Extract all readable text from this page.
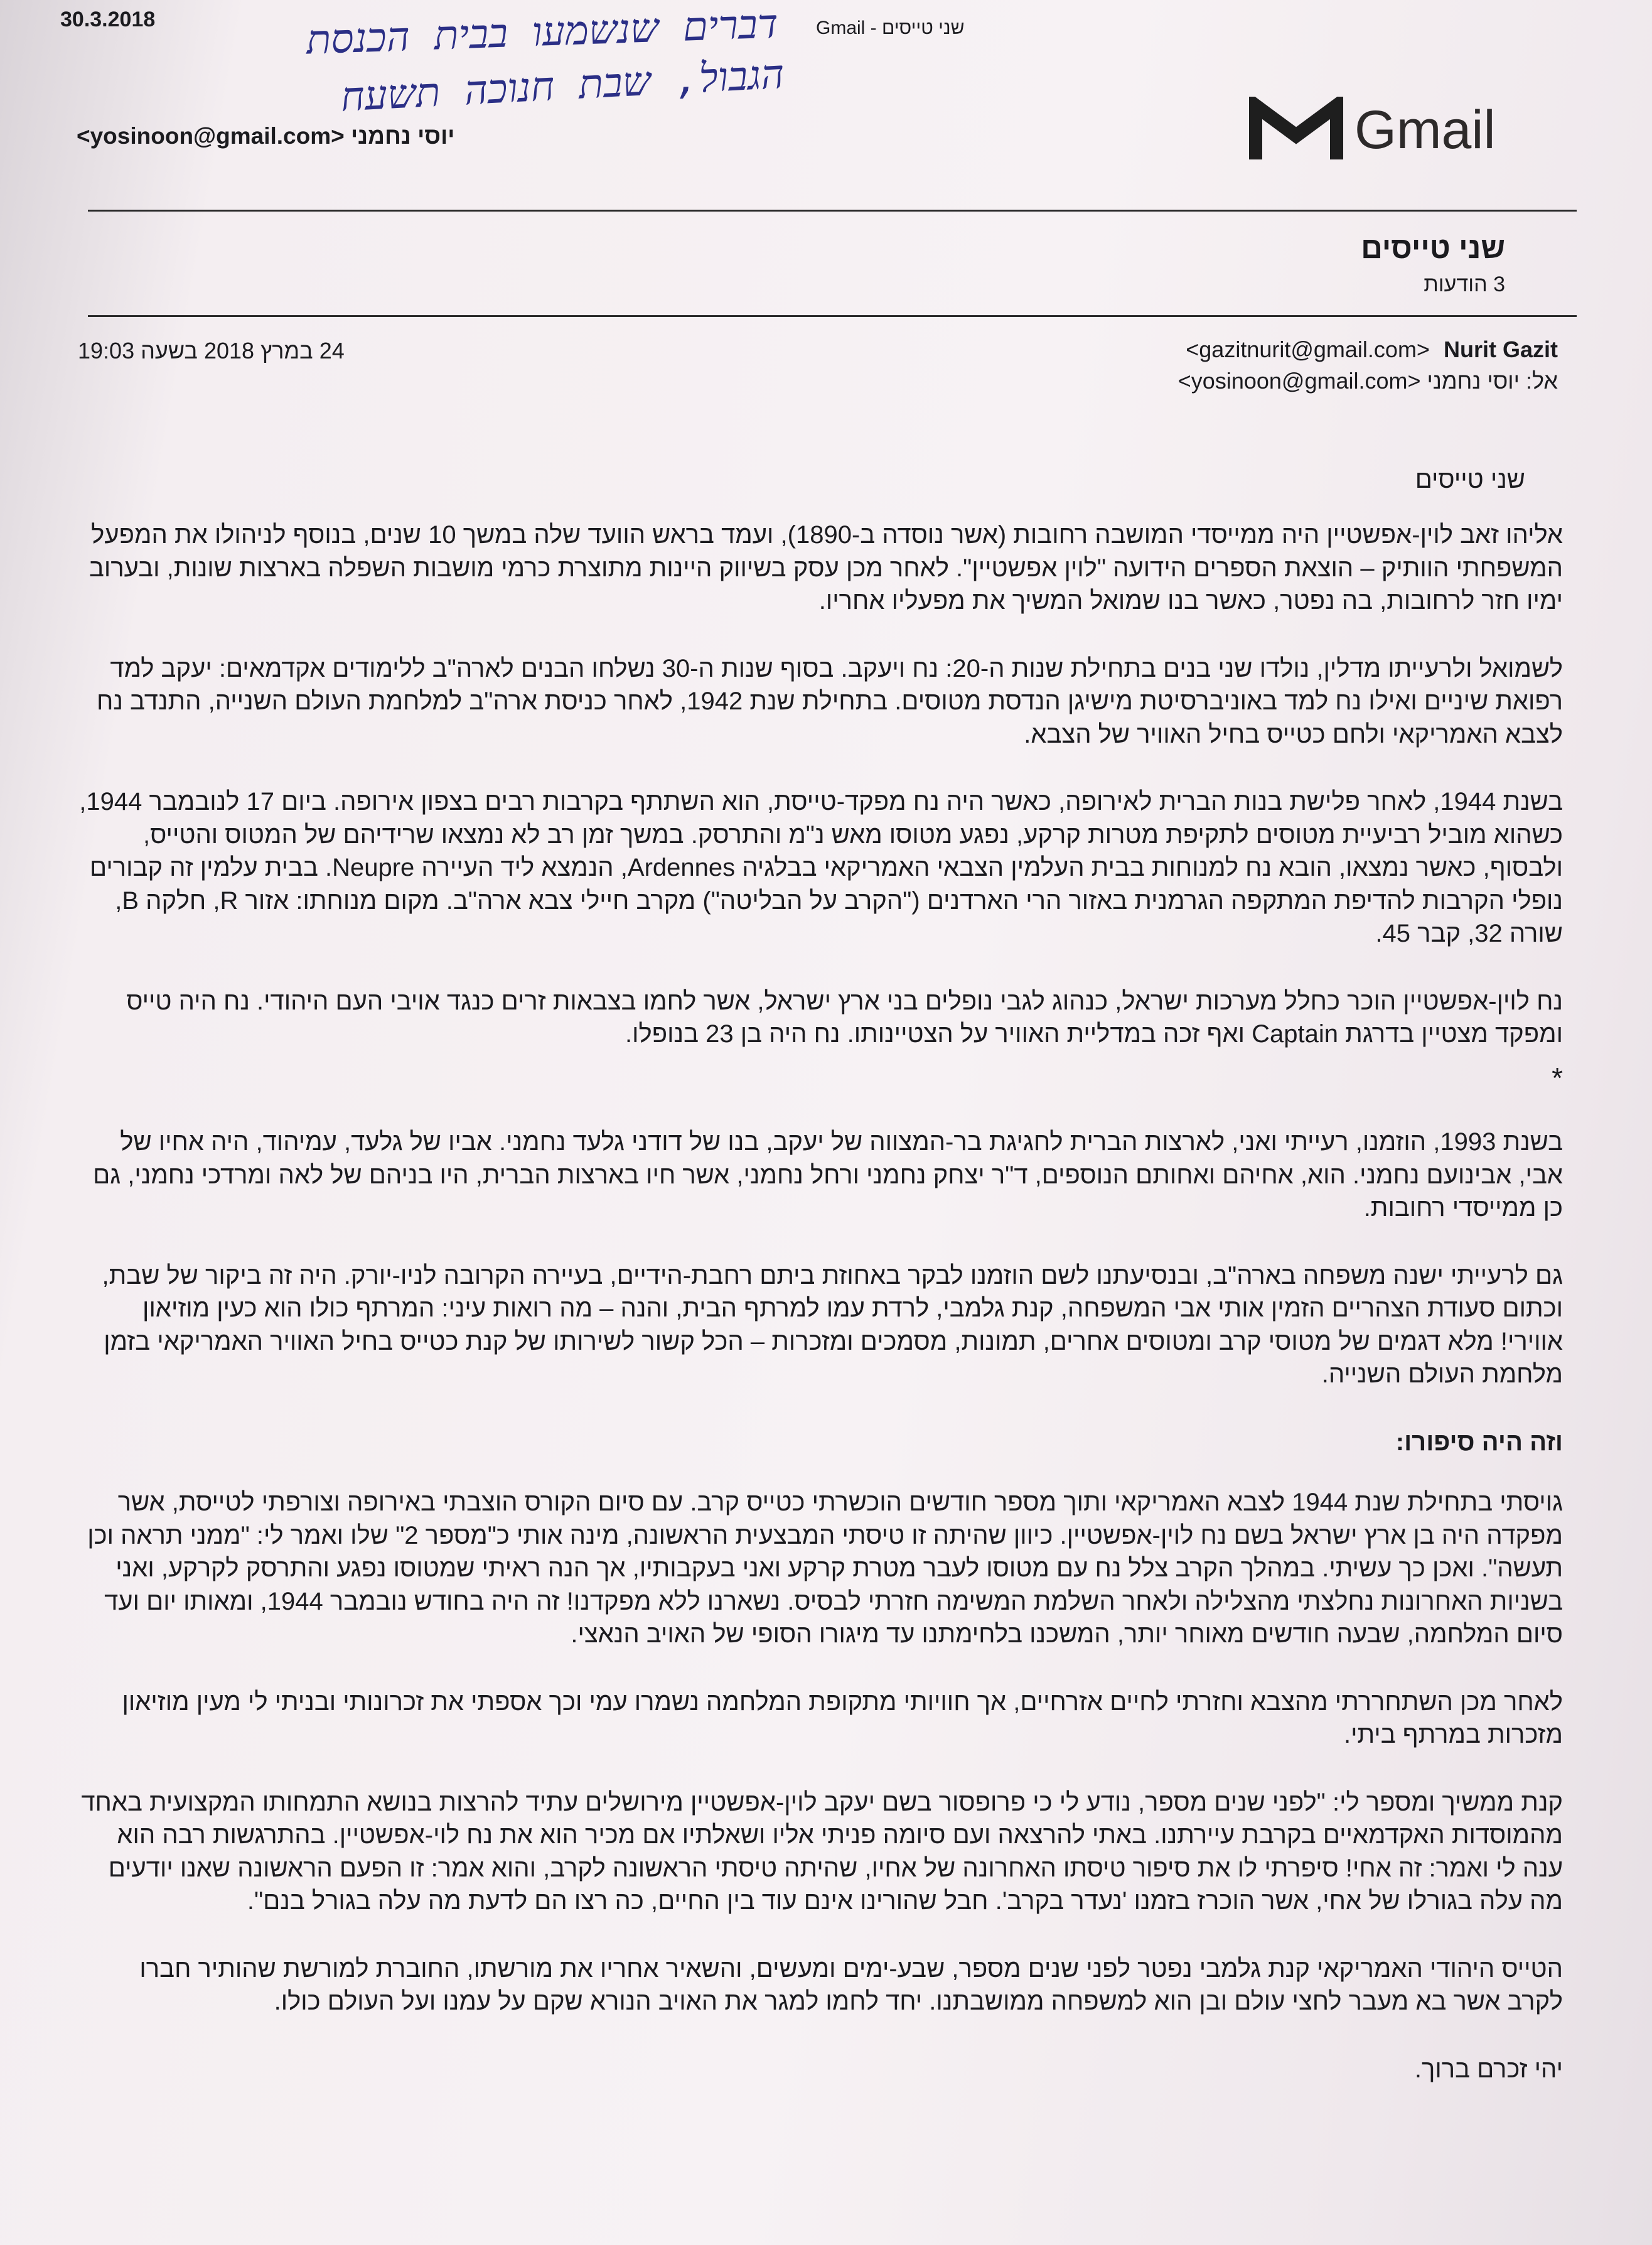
30.3.2018	Gmail - שני טייסים
דברים שנשמעו בבית הכנסת
הגבול, שבת חנוכה תשעח
<yosinoon@gmail.com> יוסי נחמני	Gmail
שני טייסים
3 הודעות
<gazitnurit@gmail.com> Nurit Gazit
אל: יוסי נחמני <yosinoon@gmail.com>
24 במרץ 2018 בשעה 19:03
שני טייסים

אליהו זאב לוין-אפשטיין היה ממייסדי המושבה רחובות (אשר נוסדה ב-1890), ועמד בראש הוועד שלה במשך 10 שנים, בנוסף לניהולו את המפעל המשפחתי הוותיק – הוצאת הספרים הידועה "לוין אפשטיין". לאחר מכן עסק בשיווק היינות מתוצרת כרמי מושבות השפלה בארצות שונות, ובערוב ימיו חזר לרחובות, בה נפטר, כאשר בנו שמואל המשיך את מפעליו אחריו.

לשמואל ולרעייתו מדלין, נולדו שני בנים בתחילת שנות ה-20: נח ויעקב. בסוף שנות ה-30 נשלחו הבנים לארה"ב ללימודים אקדמאים: יעקב למד רפואת שיניים ואילו נח למד באוניברסיטת מישיגן הנדסת מטוסים. בתחילת שנת 1942, לאחר כניסת ארה"ב למלחמת העולם השנייה, התנדב נח לצבא האמריקאי ולחם כטייס בחיל האוויר של הצבא.

בשנת 1944, לאחר פלישת בנות הברית לאירופה, כאשר היה נח מפקד-טייסת, הוא השתתף בקרבות רבים בצפון אירופה. ביום 17 לנובמבר 1944, כשהוא מוביל רביעיית מטוסים לתקיפת מטרות קרקע, נפגע מטוסו מאש נ"מ והתרסק. במשך זמן רב לא נמצאו שרידיהם של המטוס והטייס, ולבסוף, כאשר נמצאו, הובא נח למנוחות בבית העלמין הצבאי האמריקאי בבלגיה Ardennes, הנמצא ליד העיירה Neupre. בבית עלמין זה קבורים נופלי הקרבות להדיפת המתקפה הגרמנית באזור הרי הארדנים ("הקרב על הבליטה") מקרב חיילי צבא ארה"ב. מקום מנוחתו: אזור R, חלקה B, שורה 32, קבר 45.

נח לוין-אפשטיין הוכר כחלל מערכות ישראל, כנהוג לגבי נופלים בני ארץ ישראל, אשר לחמו בצבאות זרים כנגד אויבי העם היהודי. נח היה טייס ומפקד מצטיין בדרגת Captain ואף זכה במדליית האוויר על הצטיינותו. נח היה בן 23 בנופלו.

*

בשנת 1993, הוזמנו, רעייתי ואני, לארצות הברית לחגיגת בר-המצווה של יעקב, בנו של דודני גלעד נחמני. אביו של גלעד, עמיהוד, היה אחיו של אבי, אבינועם נחמני. הוא, אחיהם ואחותם הנוספים, ד"ר יצחק נחמני ורחל נחמני, אשר חיו בארצות הברית, היו בניהם של לאה ומרדכי נחמני, גם כן ממייסדי רחובות.

גם לרעייתי ישנה משפחה בארה"ב, ובנסיעתנו לשם הוזמנו לבקר באחוזת ביתם רחבת-הידיים, בעיירה הקרובה לניו-יורק. היה זה ביקור של שבת, וכתום סעודת הצהריים הזמין אותי אבי המשפחה, קנת גלמבי, לרדת עמו למרתף הבית, והנה – מה רואות עיני: המרתף כולו הוא כעין מוזיאון אווירי! מלא דגמים של מטוסי קרב ומטוסים אחרים, תמונות, מסמכים ומזכרות – הכל קשור לשירותו של קנת כטייס בחיל האוויר האמריקאי בזמן מלחמת העולם השנייה.

וזה היה סיפורו:

גויסתי בתחילת שנת 1944 לצבא האמריקאי ותוך מספר חודשים הוכשרתי כטייס קרב. עם סיום הקורס הוצבתי באירופה וצורפתי לטייסת, אשר מפקדה היה בן ארץ ישראל בשם נח לוין-אפשטיין. כיוון שהיתה זו טיסתי המבצעית הראשונה, מינה אותי כ"מספר 2" שלו ואמר לי: "ממני תראה וכן תעשה". ואכן כך עשיתי. במהלך הקרב צלל נח עם מטוסו לעבר מטרת קרקע ואני בעקבותיו, אך הנה ראיתי שמטוסו נפגע והתרסק לקרקע, ואני בשניות האחרונות נחלצתי מהצלילה ולאחר השלמת המשימה חזרתי לבסיס. נשארנו ללא מפקדנו! זה היה בחודש נובמבר 1944, ומאותו יום ועד סיום המלחמה, שבעה חודשים מאוחר יותר, המשכנו בלחימתנו עד מיגורו הסופי של האויב הנאצי.

לאחר מכן השתחררתי מהצבא וחזרתי לחיים אזרחיים, אך חוויותי מתקופת המלחמה נשמרו עמי וכך אספתי את זכרונותי ובניתי לי מעין מוזיאון מזכרות במרתף ביתי.

קנת ממשיך ומספר לי: "לפני שנים מספר, נודע לי כי פרופסור בשם יעקב לוין-אפשטיין מירושלים עתיד להרצות בנושא התמחותו המקצועית באחד מהמוסדות האקדמאיים בקרבת עיירתנו. באתי להרצאה ועם סיומה פניתי אליו ושאלתיו אם מכיר הוא את נח לוי-אפשטיין. בהתרגשות רבה הוא ענה לי ואמר: זה אחי! סיפרתי לו את סיפור טיסתו האחרונה של אחיו, שהיתה טיסתי הראשונה לקרב, והוא אמר: זו הפעם הראשונה שאנו יודעים מה עלה בגורלו של אחי, אשר הוכרז בזמנו 'נעדר בקרב'. חבל שהורינו אינם עוד בין החיים, כה רצו הם לדעת מה עלה בגורל בנם".

הטייס היהודי האמריקאי קנת גלמבי נפטר לפני שנים מספר, שבע-ימים ומעשים, והשאיר אחריו את מורשתו, החוברת למורשת שהותיר חברו לקרב אשר בא מעבר לחצי עולם ובן הוא למשפחה ממושבתנו. יחד לחמו למגר את האויב הנורא שקם על עמנו ועל העולם כולו.

יהי זכרם ברוך.
